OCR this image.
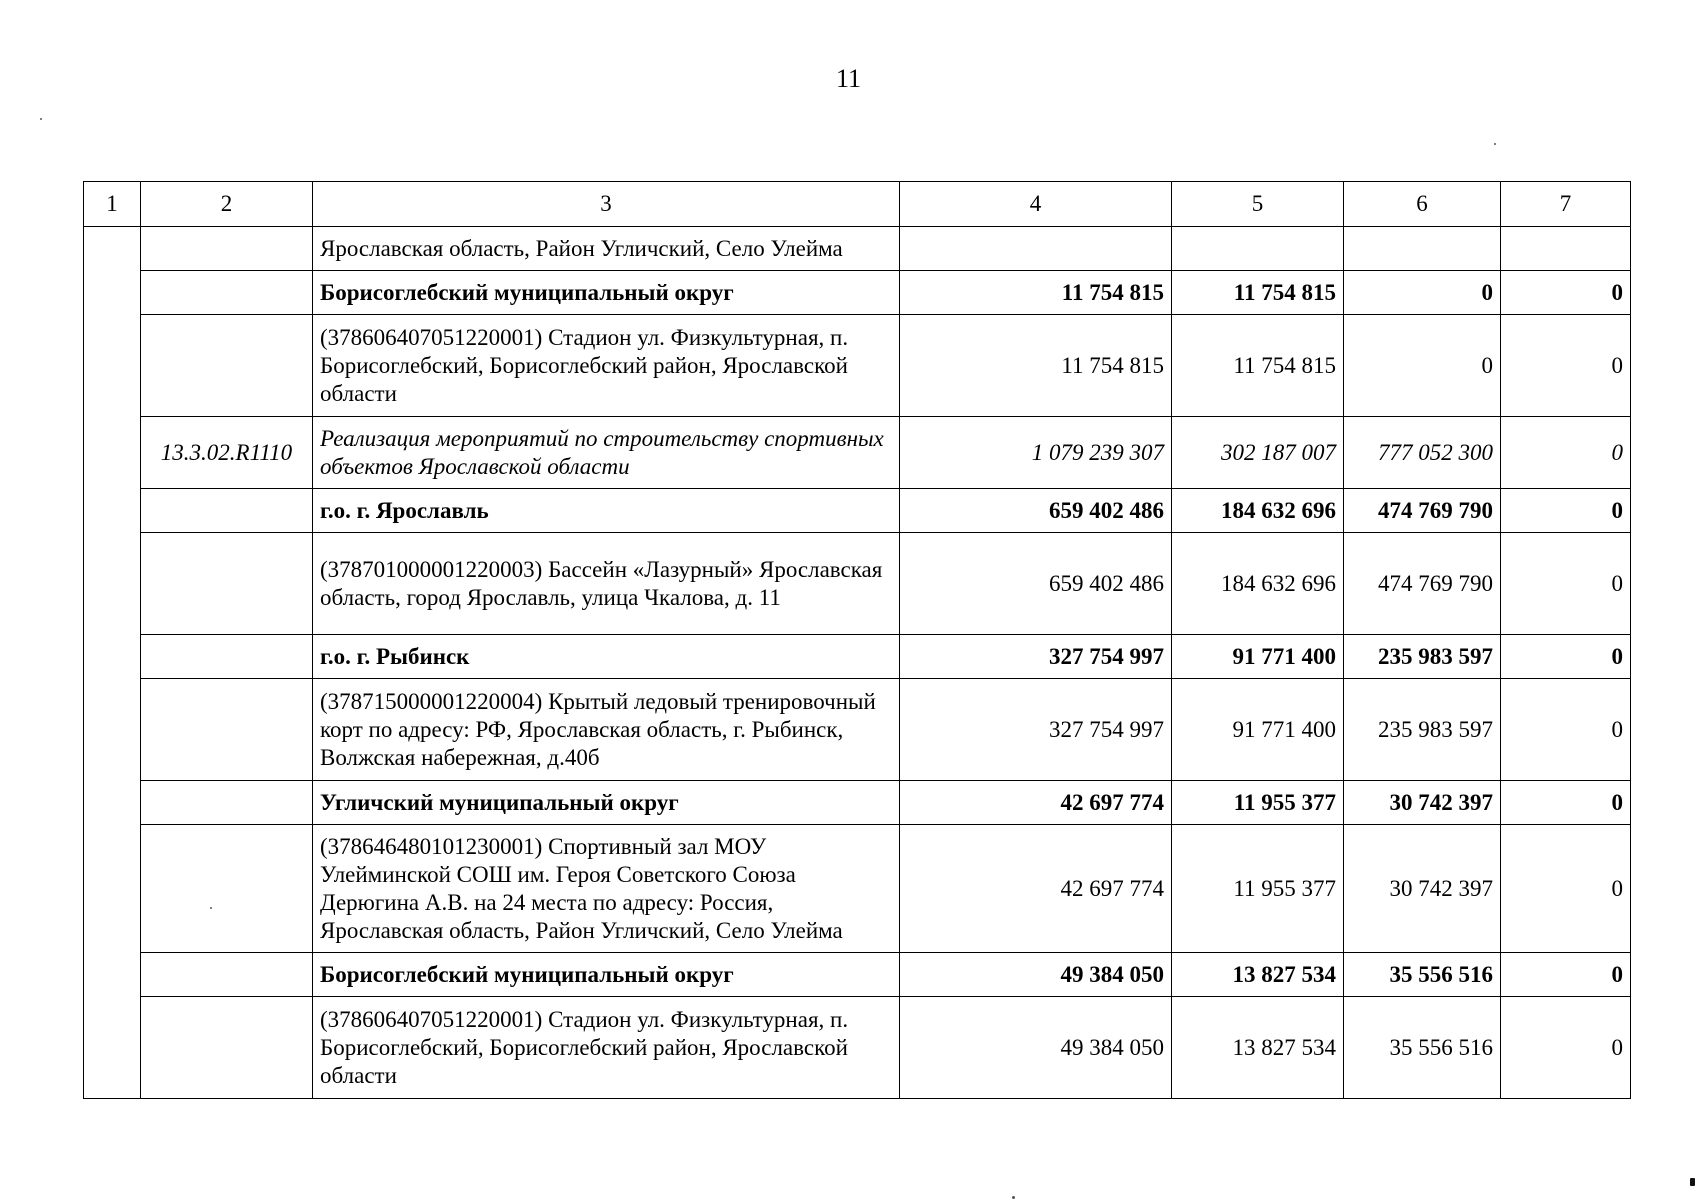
11
1	2	3	4	5	6	7
		Ярославская область, Район Угличский, Село Улейма				
		Борисоглебский муниципальный округ	11 754 815	11 754 815	0	0
		(378606407051220001) Стадион ул. Физкультурная, п. Борисоглебский, Борисоглебский район, Ярославской области	11 754 815	11 754 815	0	0
	13.3.02.R1110	Реализация мероприятий по строительству спортивных объектов Ярославской области	1 079 239 307	302 187 007	777 052 300	0
		г.о. г. Ярославль	659 402 486	184 632 696	474 769 790	0
		(378701000001220003) Бассейн «Лазурный» Ярославская область, город Ярославль, улица Чкалова, д. 11	659 402 486	184 632 696	474 769 790	0
		г.о. г. Рыбинск	327 754 997	91 771 400	235 983 597	0
		(378715000001220004) Крытый ледовый тренировочный корт по адресу: РФ, Ярославская область, г. Рыбинск, Волжская набережная, д.40б	327 754 997	91 771 400	235 983 597	0
		Угличский муниципальный округ	42 697 774	11 955 377	30 742 397	0
		(378646480101230001) Спортивный зал МОУ Улейминской СОШ им. Героя Советского Союза Дерюгина А.В. на 24 места по адресу: Россия, Ярославская область, Район Угличский, Село Улейма	42 697 774	11 955 377	30 742 397	0
		Борисоглебский муниципальный округ	49 384 050	13 827 534	35 556 516	0
		(378606407051220001) Стадион ул. Физкультурная, п. Борисоглебский, Борисоглебский район, Ярославской области	49 384 050	13 827 534	35 556 516	0
